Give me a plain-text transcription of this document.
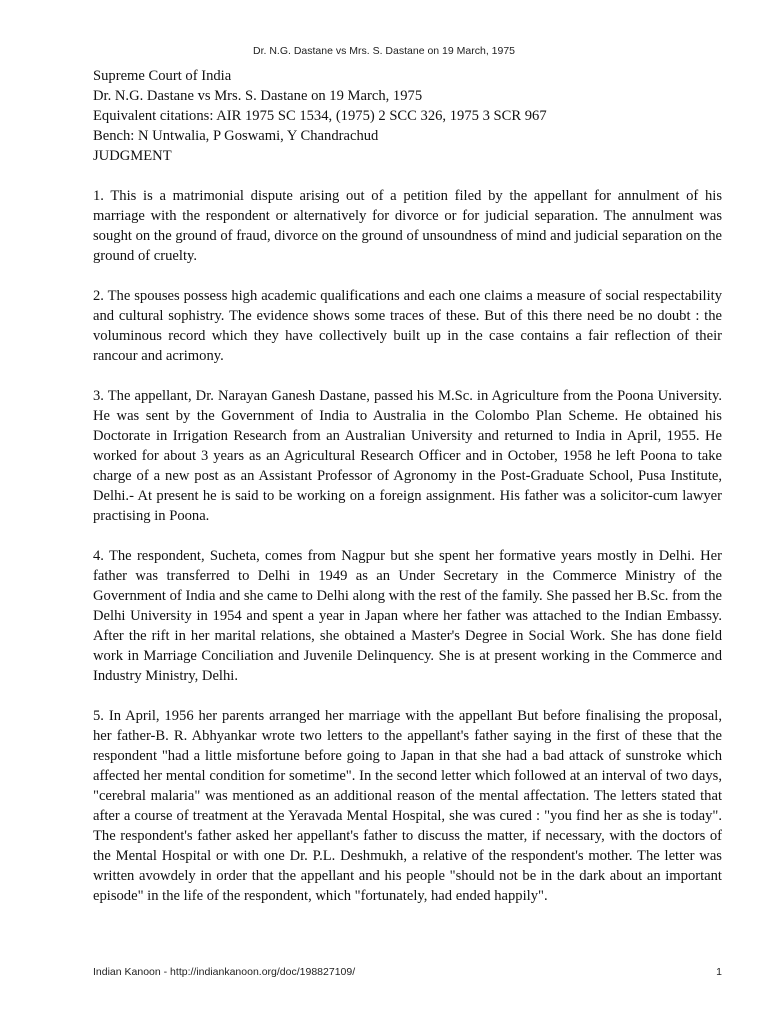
Dr. N.G. Dastane vs Mrs. S. Dastane on 19 March, 1975

Supreme Court of India

Dr. N.G. Dastane vs Mrs. S. Dastane on 19 March, 1975

Equivalent citations: AIR 1975 SC 1534, (1975) 2 SCC 326, 1975 3 SCR 967

Bench: N Untwalia, P Goswami, Y Chandrachud

JUDGMENT

1. This is a matrimonial dispute arising out of a petition filed by the appellant for annulment of his marriage with the respondent or alternatively for divorce or for judicial separation. The annulment was sought on the ground of fraud, divorce on the ground of unsoundness of mind and judicial separation on the ground of cruelty.

2. The spouses possess high academic qualifications and each one claims a measure of social respectability and cultural sophistry. The evidence shows some traces of these. But of this there need be no doubt : the voluminous record which they have collectively built up in the case contains a fair reflection of their rancour and acrimony.

3. The appellant, Dr. Narayan Ganesh Dastane, passed his M.Sc. in Agriculture from the Poona University. He was sent by the Government of India to Australia in the Colombo Plan Scheme. He obtained his Doctorate in Irrigation Research from an Australian University and returned to India in April, 1955. He worked for about 3 years as an Agricultural Research Officer and in October, 1958 he left Poona to take charge of a new post as an Assistant Professor of Agronomy in the Post-Graduate School, Pusa Institute, Delhi.- At present he is said to be working on a foreign assignment. His father was a solicitor-cum lawyer practising in Poona.

4. The respondent, Sucheta, comes from Nagpur but she spent her formative years mostly in Delhi. Her father was transferred to Delhi in 1949 as an Under Secretary in the Commerce Ministry of the Government of India and she came to Delhi along with the rest of the family. She passed her B.Sc. from the Delhi University in 1954 and spent a year in Japan where her father was attached to the Indian Embassy. After the rift in her marital relations, she obtained a Master's Degree in Social Work. She has done field work in Marriage Conciliation and Juvenile Delinquency. She is at present working in the Commerce and Industry Ministry, Delhi.

5. In April, 1956 her parents arranged her marriage with the appellant But before finalising the proposal, her father-B. R. Abhyankar wrote two letters to the appellant's father saying in the first of these that the respondent "had a little misfortune before going to Japan in that she had a bad attack of sunstroke which affected her mental condition for sometime". In the second letter which followed at an interval of two days, "cerebral malaria" was mentioned as an additional reason of the mental affectation. The letters stated that after a course of treatment at the Yeravada Mental Hospital, she was cured : "you find her as she is today". The respondent's father asked her appellant's father to discuss the matter, if necessary, with the doctors of the Mental Hospital or with one Dr. P.L. Deshmukh, a relative of the respondent's mother. The letter was written avowdely in order that the appellant and his people "should not be in the dark about an important episode" in the life of the respondent, which "fortunately, had ended happily".

Indian Kanoon - http://indiankanoon.org/doc/198827109/	1
